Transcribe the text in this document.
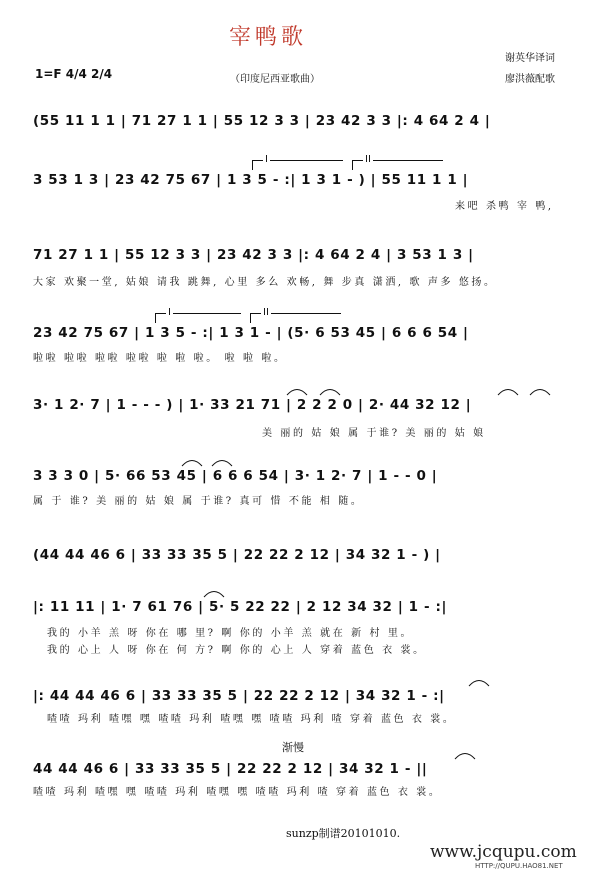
宰鸭歌
谢英华译词
廖洪薇配歌
1=F 4/4 2/4	（印度尼西亚歌曲）
(55 11 1 1 | 71 27 1 1 | 55 12 3 3 | 23 42 3 3 |: 4 64 2 4 |
3 53 1 3 | 23 42 75 67 | 1 3 5 - :| 1 3 1 - ) | 55 11 1 1 |
来吧 杀鸭 宰 鸭,
71 27 1 1 | 55 12 3 3 | 23 42 3 3 |: 4 64 2 4 | 3 53 1 3 |
大家 欢聚一堂, 姑娘 请我 跳舞, 心里 多么 欢畅, 舞 步真 潇洒, 歌 声多 悠扬。
23 42 75 67 | 1 3 5 - :| 1 3 1 - | (5· 6 53 45 | 6 6 6 54 |
啦啦 啦啦 啦啦 啦啦 啦 啦 啦。 啦 啦 啦。
3· 1 2· 7 | 1 - - - ) | 1· 33 21 71 | 2 2 2 0 | 2· 44 32 12 |
美 丽的 姑 娘 属 于谁? 美 丽的 姑 娘
3 3 3 0 | 5· 66 53 45 | 6 6 6 54 | 3· 1 2· 7 | 1 - - 0 |
属 于 谁? 美 丽的 姑 娘 属 于谁? 真可 惜 不能 相 随。
(44 44 46 6 | 33 33 35 5 | 22 22 2 12 | 34 32 1 - ) |
|: 11 11 | 1· 7 61 76 | 5· 5 22 22 | 2 12 34 32 | 1 - :|
我的 小羊 羔 呀 你在 哪 里? 啊 你的 小羊 羔 就在 新 村 里。
我的 心上 人 呀 你在 何 方? 啊 你的 心上 人 穿着 蓝色 衣 裳。
|: 44 44 46 6 | 33 33 35 5 | 22 22 2 12 | 34 32 1 - :|
喳喳 玛利 喳嘿 嘿 喳喳 玛利 喳嘿 嘿 喳喳 玛利 喳 穿着 蓝色 衣 裳。
渐慢
44 44 46 6 | 33 33 35 5 | 22 22 2 12 | 34 32 1 - ||
喳喳 玛利 喳嘿 嘿 喳喳 玛利 喳嘿 嘿 喳喳 玛利 喳 穿着 蓝色 衣 裳。
I	II
I	II
sunzp制谱20101010.
www.jcqupu.com
HTTP://QUPU.HAO81.NET
